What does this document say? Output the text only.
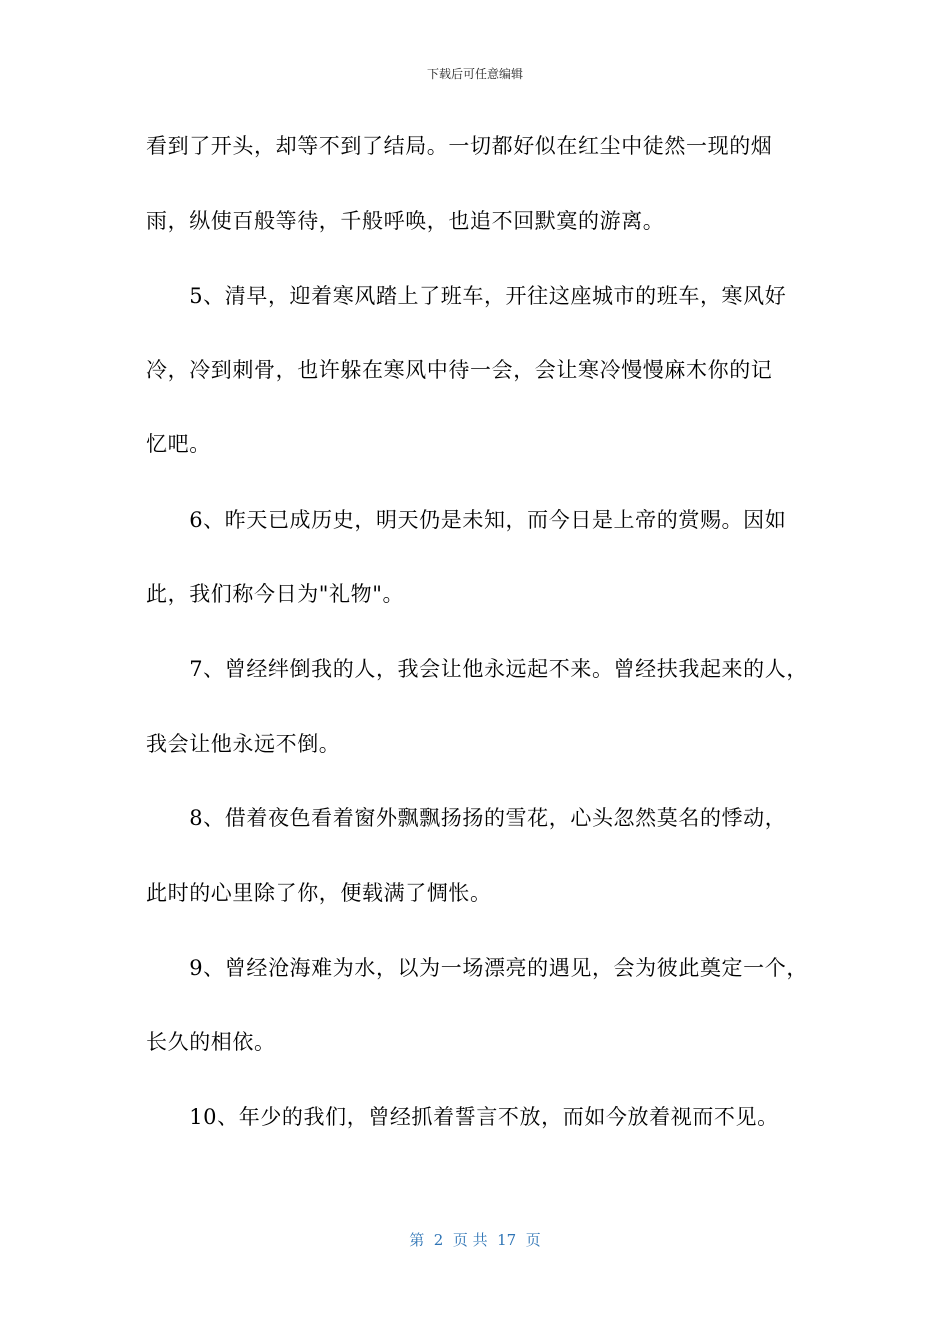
下载后可任意编辑
看到了开头，却等不到了结局。一切都好似在红尘中徒然一现的烟
雨，纵使百般等待，千般呼唤，也追不回默寞的游离。
　　5、清早，迎着寒风踏上了班车，开往这座城市的班车，寒风好
冷，冷到刺骨，也许躲在寒风中待一会，会让寒冷慢慢麻木你的记
忆吧。
　　6、昨天已成历史，明天仍是未知，而今日是上帝的赏赐。因如
此，我们称今日为"礼物"。
　　7、曾经绊倒我的人，我会让他永远起不来。曾经扶我起来的人，
我会让他永远不倒。
　　8、借着夜色看着窗外飘飘扬扬的雪花，心头忽然莫名的悸动，
此时的心里除了你，便载满了惆怅。
　　9、曾经沧海难为水，以为一场漂亮的遇见，会为彼此奠定一个，
长久的相依。
　　10、年少的我们，曾经抓着誓言不放，而如今放着视而不见。
第  2  页 共  17  页
